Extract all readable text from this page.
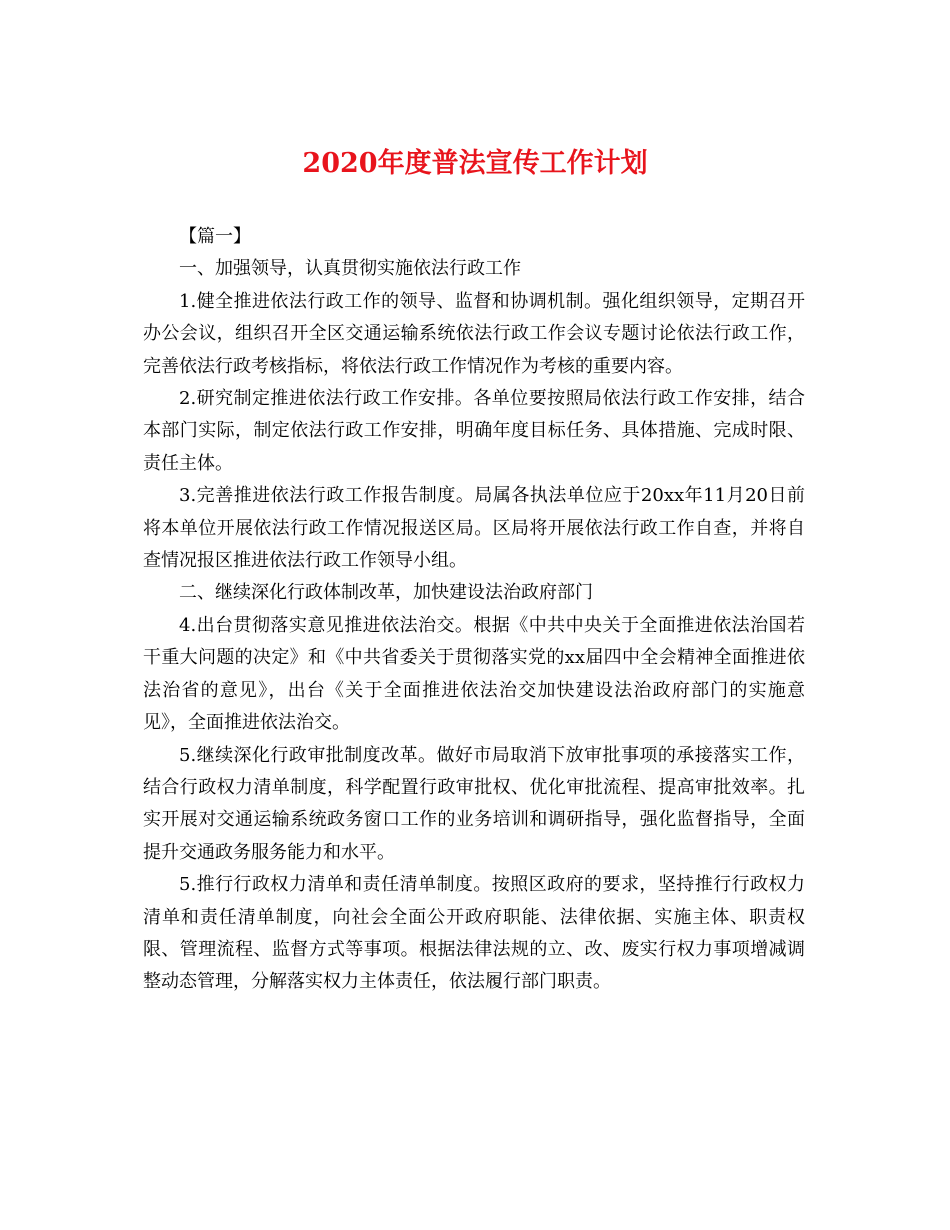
2020年度普法宣传工作计划

【篇一】

一、加强领导，认真贯彻实施依法行政工作

1.健全推进依法行政工作的领导、监督和协调机制。强化组织领导，定期召开办公会议，组织召开全区交通运输系统依法行政工作会议专题讨论依法行政工作，完善依法行政考核指标，将依法行政工作情况作为考核的重要内容。

2.研究制定推进依法行政工作安排。各单位要按照局依法行政工作安排，结合本部门实际，制定依法行政工作安排，明确年度目标任务、具体措施、完成时限、责任主体。

3.完善推进依法行政工作报告制度。局属各执法单位应于20xx年11月20日前将本单位开展依法行政工作情况报送区局。区局将开展依法行政工作自查，并将自查情况报区推进依法行政工作领导小组。

二、继续深化行政体制改革，加快建设法治政府部门

4.出台贯彻落实意见推进依法治交。根据《中共中央关于全面推进依法治国若干重大问题的决定》和《中共省委关于贯彻落实党的xx届四中全会精神全面推进依法治省的意见》，出台《关于全面推进依法治交加快建设法治政府部门的实施意见》，全面推进依法治交。

5.继续深化行政审批制度改革。做好市局取消下放审批事项的承接落实工作，结合行政权力清单制度，科学配置行政审批权、优化审批流程、提高审批效率。扎实开展对交通运输系统政务窗口工作的业务培训和调研指导，强化监督指导，全面提升交通政务服务能力和水平。

5.推行行政权力清单和责任清单制度。按照区政府的要求，坚持推行行政权力清单和责任清单制度，向社会全面公开政府职能、法律依据、实施主体、职责权限、管理流程、监督方式等事项。根据法律法规的立、改、废实行权力事项增减调整动态管理，分解落实权力主体责任，依法履行部门职责。
